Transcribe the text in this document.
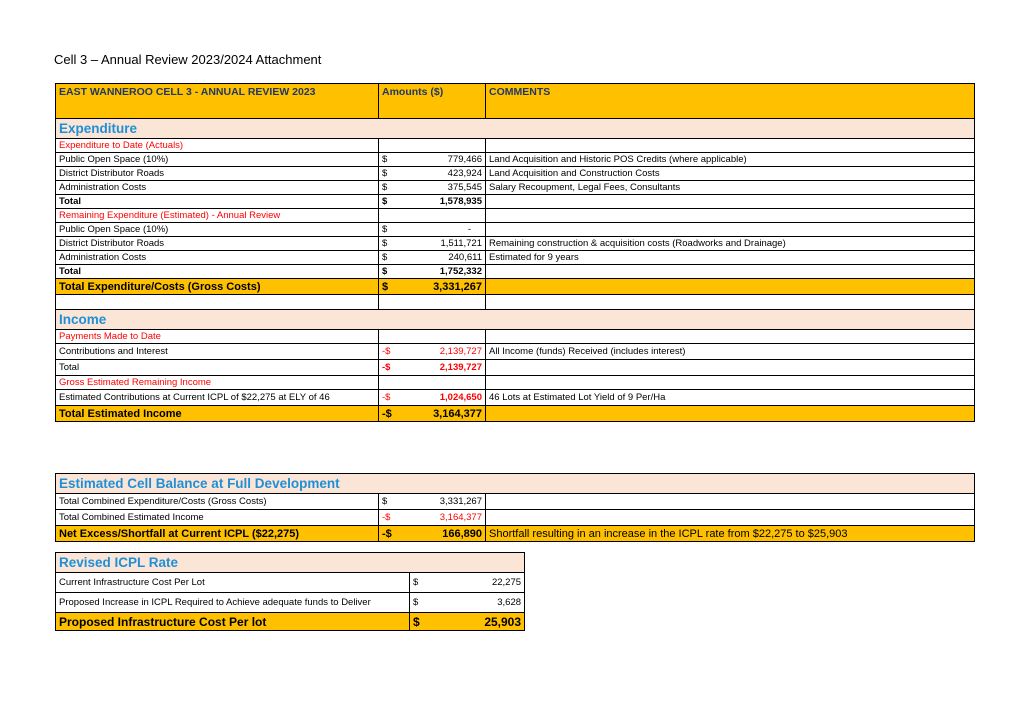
Cell 3 – Annual Review 2023/2024 Attachment
EAST WANNEROO CELL 3 - ANNUAL REVIEW 2023	Amounts ($)		COMMENTS
Expenditure			
Expenditure to Date (Actuals)			
Public Open Space (10%)	$	779,466	Land Acquisition and Historic POS Credits (where applicable)
District Distributor Roads	$	423,924	Land Acquisition and Construction Costs
Administration Costs	$	375,545	Salary Recoupment, Legal Fees, Consultants
Total	$	1,578,935	
Remaining Expenditure (Estimated) - Annual Review			
Public Open Space (10%)	$	-	
District Distributor Roads	$	1,511,721	Remaining construction & acquisition costs (Roadworks and Drainage)
Administration Costs	$	240,611	Estimated for 9 years
Total	$	1,752,332	
Total Expenditure/Costs (Gross Costs)	$	3,331,267	

Income			
Payments Made to Date			
Contributions and Interest	-$	2,139,727	All Income (funds) Received (includes interest)
Total	-$	2,139,727	
Gross Estimated Remaining Income			
Estimated Contributions at Current ICPL of $22,275 at ELY of 46	-$	1,024,650	46 Lots at Estimated Lot Yield of 9 Per/Ha
Total Estimated Income	-$	3,164,377	
Estimated Cell Balance at Full Development			
Total Combined Expenditure/Costs (Gross Costs)	$	3,331,267	
Total Combined Estimated Income	-$	3,164,377	
Net Excess/Shortfall at Current ICPL ($22,275)	-$	166,890	Shortfall resulting in an increase in the ICPL rate from $22,275 to $25,903
Revised ICPL Rate		
Current Infrastructure Cost Per Lot	$	22,275
Proposed Increase in ICPL Required to Achieve adequate funds to Deliver	$	3,628
Proposed Infrastructure Cost Per lot	$	25,903
